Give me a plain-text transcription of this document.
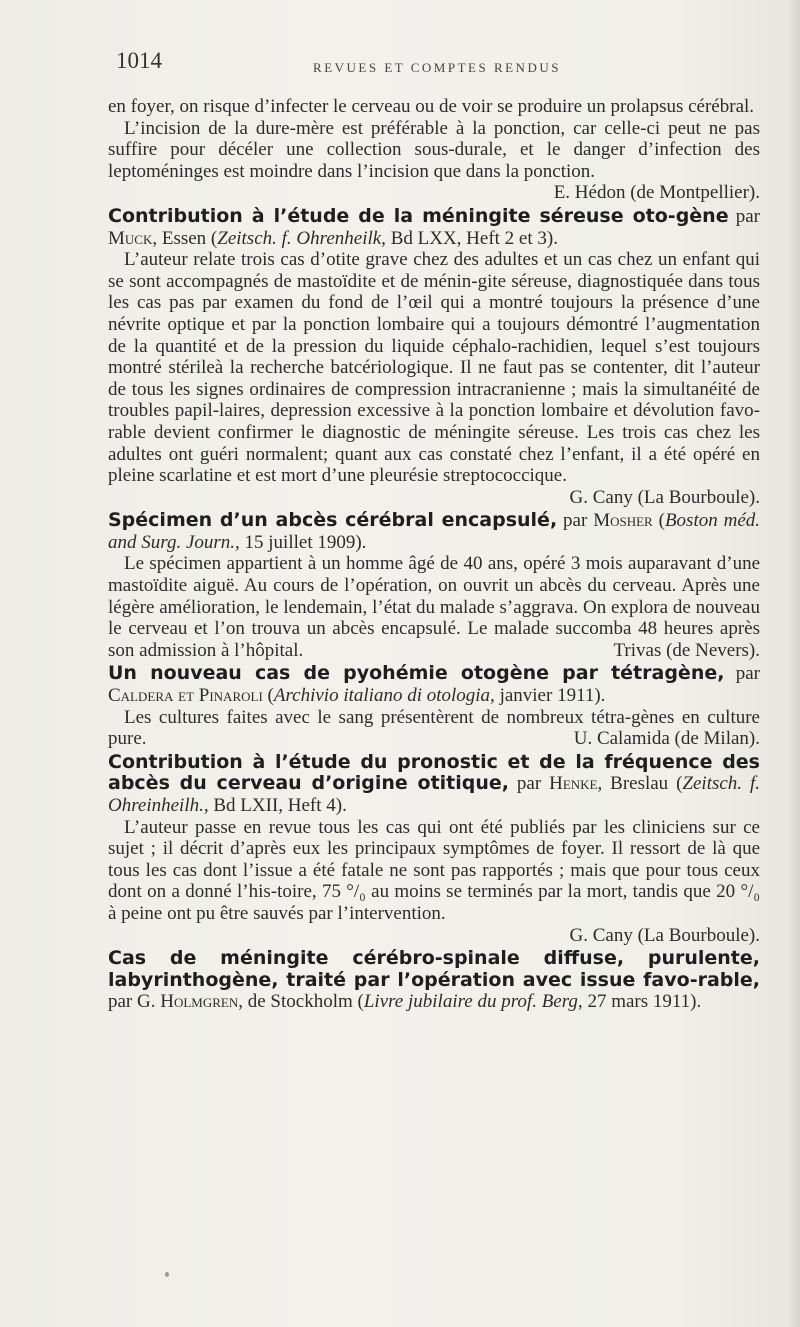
1014	REVUES ET COMPTES RENDUS
en foyer, on risque d’infecter le cerveau ou de voir se produire un prolapsus cérébral.
L’incision de la dure-mère est préférable à la ponction, car celle-ci peut ne pas suffire pour décéler une collection sous-durale, et le danger d’infection des leptoméninges est moindre dans l’incision que dans la ponction.
E. Hédon (de Montpellier).
Contribution à l’étude de la méningite séreuse oto-gène par Muck, Essen (Zeitsch. f. Ohrenheilk, Bd LXX, Heft 2 et 3).
L’auteur relate trois cas d’otite grave chez des adultes et un cas chez un enfant qui se sont accompagnés de mastoïdite et de ménin-gite séreuse, diagnostiquée dans tous les cas pas par examen du fond de l’œil qui a montré toujours la présence d’une névrite optique et par la ponction lombaire qui a toujours démontré l’augmentation de la quantité et de la pression du liquide céphalo-rachidien, lequel s’est toujours montré stérileà la recherche batcériologique. Il ne faut pas se contenter, dit l’auteur de tous les signes ordinaires de compression intracranienne ; mais la simultanéité de troubles papil-laires, depression excessive à la ponction lombaire et dévolution favo-rable devient confirmer le diagnostic de méningite séreuse. Les trois cas chez les adultes ont guéri normalent; quant aux cas constaté chez l’enfant, il a été opéré en pleine scarlatine et est mort d’une pleurésie streptococcique.
G. Cany (La Bourboule).
Spécimen d’un abcès cérébral encapsulé, par Mosher (Boston méd. and Surg. Journ., 15 juillet 1909).
Le spécimen appartient à un homme âgé de 40 ans, opéré 3 mois auparavant d’une mastoïdite aiguë. Au cours de l’opération, on ouvrit un abcès du cerveau. Après une légère amélioration, le lendemain, l’état du malade s’aggrava. On explora de nouveau le cerveau et l’on trouva un abcès encapsulé. Le malade succomba 48 heures après son admission à l’hôpital.	Trivas (de Nevers).
Un nouveau cas de pyohémie otogène par tétragène, par Caldera et Pinaroli (Archivio italiano di otologia, janvier 1911).
Les cultures faites avec le sang présentèrent de nombreux tétra-gènes en culture pure.	U. Calamida (de Milan).
Contribution à l’étude du pronostic et de la fréquence des abcès du cerveau d’origine otitique, par Henke, Breslau (Zeitsch. f. Ohreinheilh., Bd LXII, Heft 4).
L’auteur passe en revue tous les cas qui ont été publiés par les cliniciens sur ce sujet ; il décrit d’après eux les principaux symptômes de foyer. Il ressort de là que tous les cas dont l’issue a été fatale ne sont pas rapportés ; mais que pour tous ceux dont on a donné l’his-toire, 75 °/₀ au moins se terminés par la mort, tandis que 20 °/₀ à peine ont pu être sauvés par l’intervention.
G. Cany (La Bourboule).
Cas de méningite cérébro-spinale diffuse, purulente, labyrinthogène, traité par l’opération avec issue favo-rable, par G. Holmgren, de Stockholm (Livre jubilaire du prof. Berg, 27 mars 1911).
